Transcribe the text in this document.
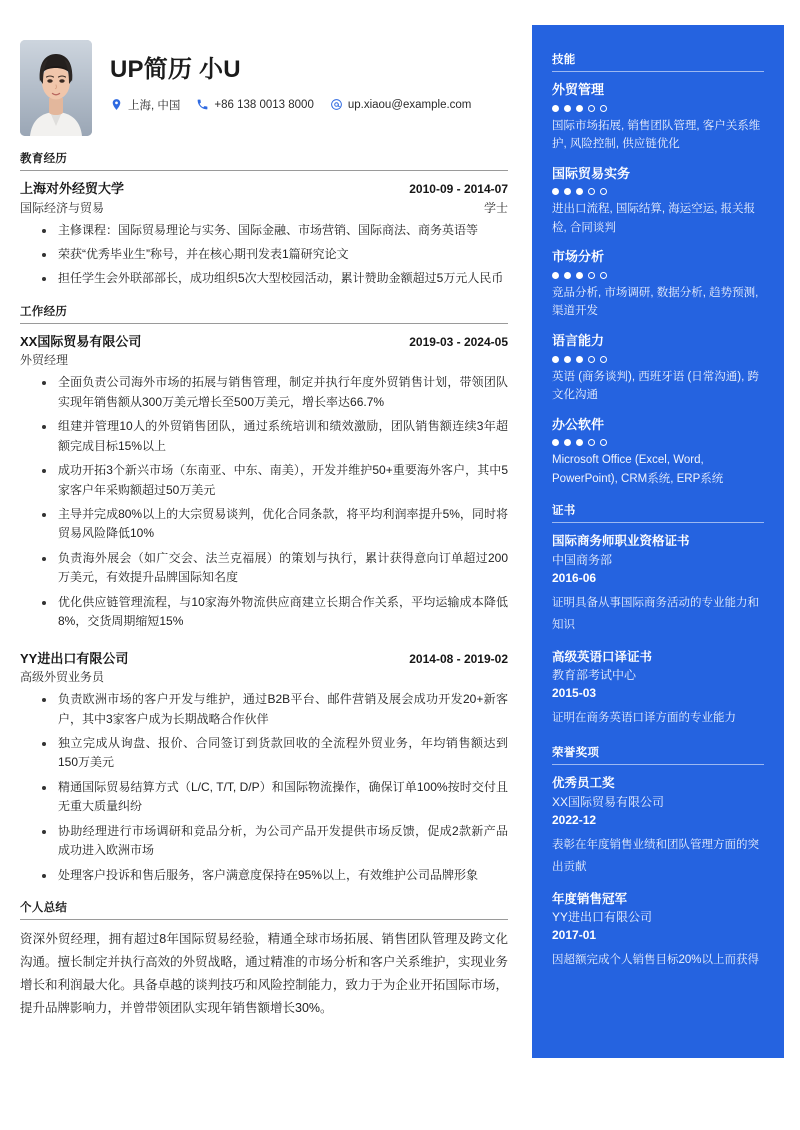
UP简历 小U
上海, 中国	+86 138 0013 8000	up.xiaou@example.com
教育经历
上海对外经贸大学	2010-09 - 2014-07
国际经济与贸易	学士
主修课程：国际贸易理论与实务、国际金融、市场营销、国际商法、商务英语等
荣获“优秀毕业生”称号，并在核心期刊发表1篇研究论文
担任学生会外联部部长，成功组织5次大型校园活动，累计赞助金额超过5万元人民币
工作经历
XX国际贸易有限公司	2019-03 - 2024-05
外贸经理
全面负责公司海外市场的拓展与销售管理，制定并执行年度外贸销售计划，带领团队实现年销售额从300万美元增长至500万美元，增长率达66.7%
组建并管理10人的外贸销售团队，通过系统培训和绩效激励，团队销售额连续3年超额完成目标15%以上
成功开拓3个新兴市场（东南亚、中东、南美），开发并维护50+重要海外客户，其中5家客户年采购额超过50万美元
主导并完成80%以上的大宗贸易谈判，优化合同条款，将平均利润率提升5%，同时将贸易风险降低10%
负责海外展会（如广交会、法兰克福展）的策划与执行，累计获得意向订单超过200万美元，有效提升品牌国际知名度
优化供应链管理流程，与10家海外物流供应商建立长期合作关系，平均运输成本降低8%，交货周期缩短15%
YY进出口有限公司	2014-08 - 2019-02
高级外贸业务员
负责欧洲市场的客户开发与维护，通过B2B平台、邮件营销及展会成功开发20+新客户，其中3家客户成为长期战略合作伙伴
独立完成从询盘、报价、合同签订到货款回收的全流程外贸业务，年均销售额达到150万美元
精通国际贸易结算方式（L/C, T/T, D/P）和国际物流操作，确保订单100%按时交付且无重大质量纠纷
协助经理进行市场调研和竞品分析，为公司产品开发提供市场反馈，促成2款新产品成功进入欧洲市场
处理客户投诉和售后服务，客户满意度保持在95%以上，有效维护公司品牌形象
个人总结
资深外贸经理，拥有超过8年国际贸易经验，精通全球市场拓展、销售团队管理及跨文化沟通。擅长制定并执行高效的外贸战略，通过精准的市场分析和客户关系维护，实现业务增长和利润最大化。具备卓越的谈判技巧和风险控制能力，致力于为企业开拓国际市场，提升品牌影响力，并曾带领团队实现年销售额增长30%。
技能
外贸管理
国际市场拓展, 销售团队管理, 客户关系维护, 风险控制, 供应链优化
国际贸易实务
进出口流程, 国际结算, 海运空运, 报关报检, 合同谈判
市场分析
竞品分析, 市场调研, 数据分析, 趋势预测, 渠道开发
语言能力
英语 (商务谈判), 西班牙语 (日常沟通), 跨文化沟通
办公软件
Microsoft Office (Excel, Word, PowerPoint), CRM系统, ERP系统
证书
国际商务师职业资格证书
中国商务部
2016-06
证明具备从事国际商务活动的专业能力和知识
高级英语口译证书
教育部考试中心
2015-03
证明在商务英语口译方面的专业能力
荣誉奖项
优秀员工奖
XX国际贸易有限公司
2022-12
表彰在年度销售业绩和团队管理方面的突出贡献
年度销售冠军
YY进出口有限公司
2017-01
因超额完成个人销售目标20%以上而获得
